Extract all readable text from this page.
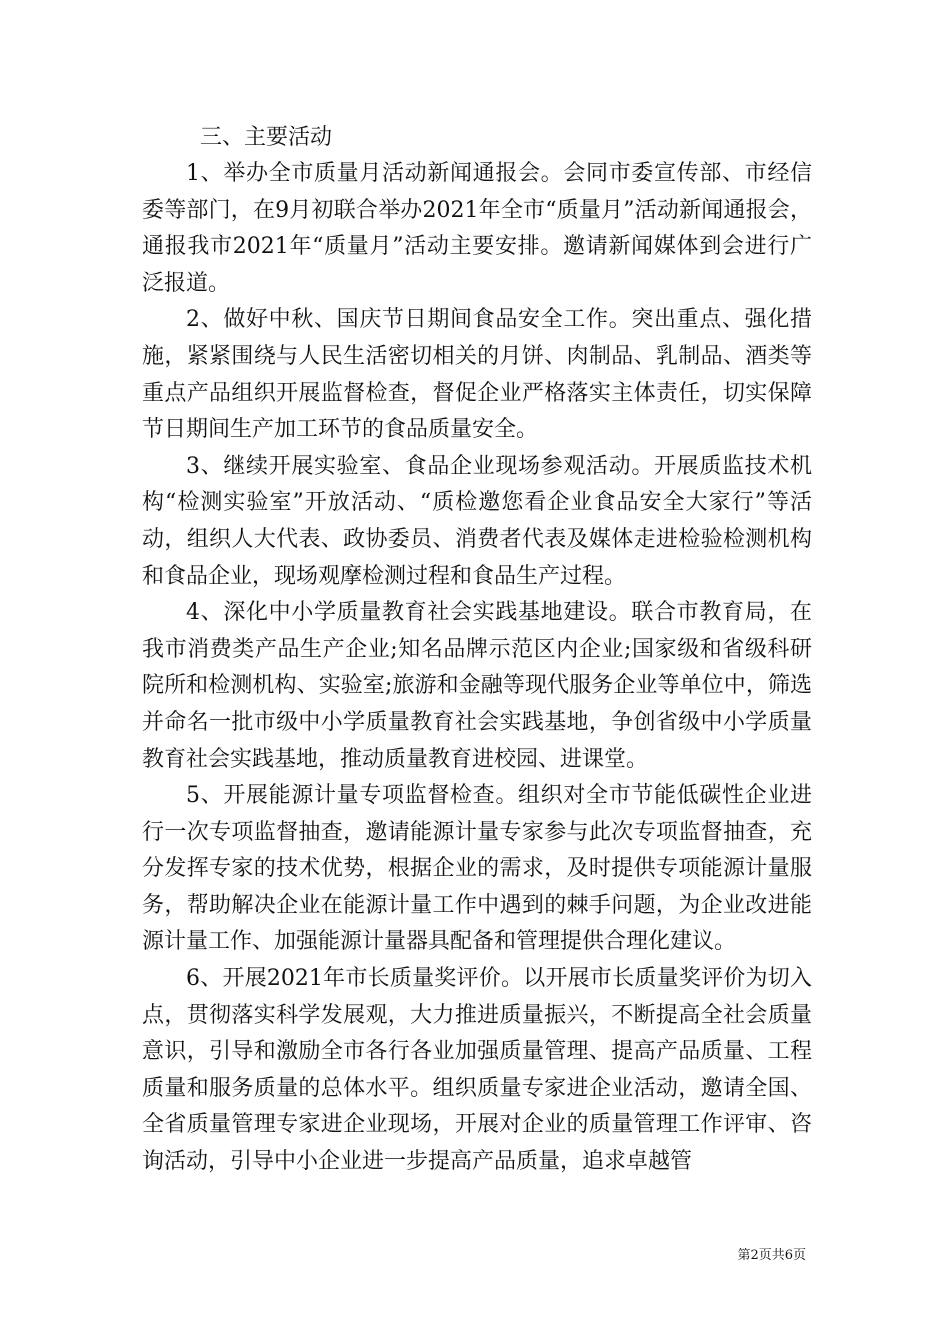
三、主要活动

1、举办全市质量月活动新闻通报会。会同市委宣传部、市经信委等部门，在9月初联合举办2021年全市“质量月”活动新闻通报会，通报我市2021年“质量月”活动主要安排。邀请新闻媒体到会进行广泛报道。

2、做好中秋、国庆节日期间食品安全工作。突出重点、强化措施，紧紧围绕与人民生活密切相关的月饼、肉制品、乳制品、酒类等重点产品组织开展监督检查，督促企业严格落实主体责任，切实保障节日期间生产加工环节的食品质量安全。

3、继续开展实验室、食品企业现场参观活动。开展质监技术机构“检测实验室”开放活动、“质检邀您看企业食品安全大家行”等活动，组织人大代表、政协委员、消费者代表及媒体走进检验检测机构和食品企业，现场观摩检测过程和食品生产过程。

4、深化中小学质量教育社会实践基地建设。联合市教育局，在我市消费类产品生产企业;知名品牌示范区内企业;国家级和省级科研院所和检测机构、实验室;旅游和金融等现代服务企业等单位中，筛选并命名一批市级中小学质量教育社会实践基地，争创省级中小学质量教育社会实践基地，推动质量教育进校园、进课堂。

5、开展能源计量专项监督检查。组织对全市节能低碳性企业进行一次专项监督抽查，邀请能源计量专家参与此次专项监督抽查，充分发挥专家的技术优势，根据企业的需求，及时提供专项能源计量服务，帮助解决企业在能源计量工作中遇到的棘手问题，为企业改进能源计量工作、加强能源计量器具配备和管理提供合理化建议。

6、开展2021年市长质量奖评价。以开展市长质量奖评价为切入点，贯彻落实科学发展观，大力推进质量振兴，不断提高全社会质量意识，引导和激励全市各行各业加强质量管理、提高产品质量、工程质量和服务质量的总体水平。组织质量专家进企业活动，邀请全国、全省质量管理专家进企业现场，开展对企业的质量管理工作评审、咨询活动，引导中小企业进一步提高产品质量，追求卓越管

第2页共6页
